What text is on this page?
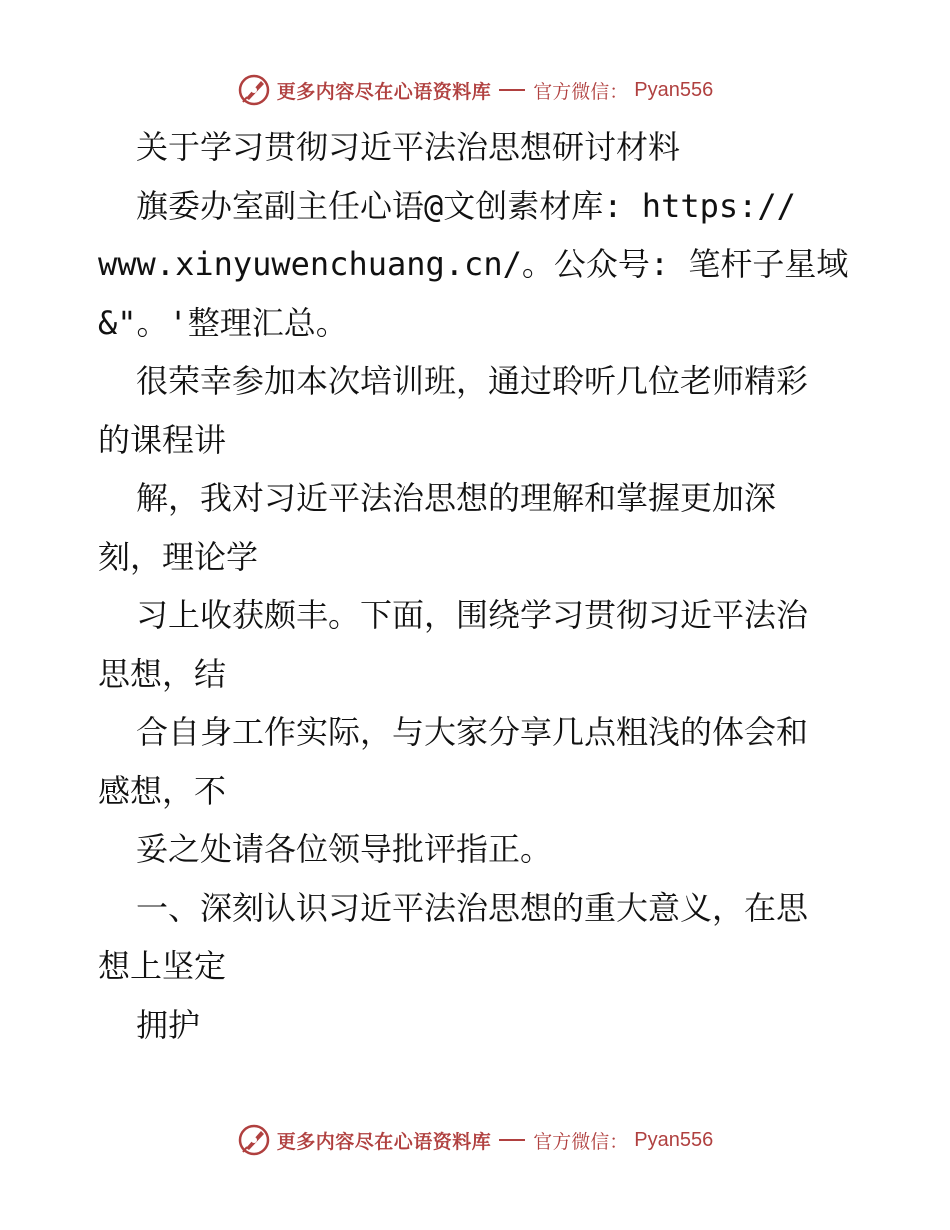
更多内容尽在心语资料库 官方微信： Pyan556
关于学习贯彻习近平法治思想研讨材料
旗委办室副主任心语@文创素材库: https://
www.xinyuwenchuang.cn/。公众号: 笔杆子星域
&"。'整理汇总。
很荣幸参加本次培训班，通过聆听几位老师精彩
的课程讲
解，我对习近平法治思想的理解和掌握更加深
刻，理论学
习上收获颇丰。下面，围绕学习贯彻习近平法治
思想，结
合自身工作实际，与大家分享几点粗浅的体会和
感想，不
妥之处请各位领导批评指正。
一、深刻认识习近平法治思想的重大意义，在思
想上坚定
拥护
更多内容尽在心语资料库 官方微信： Pyan556
